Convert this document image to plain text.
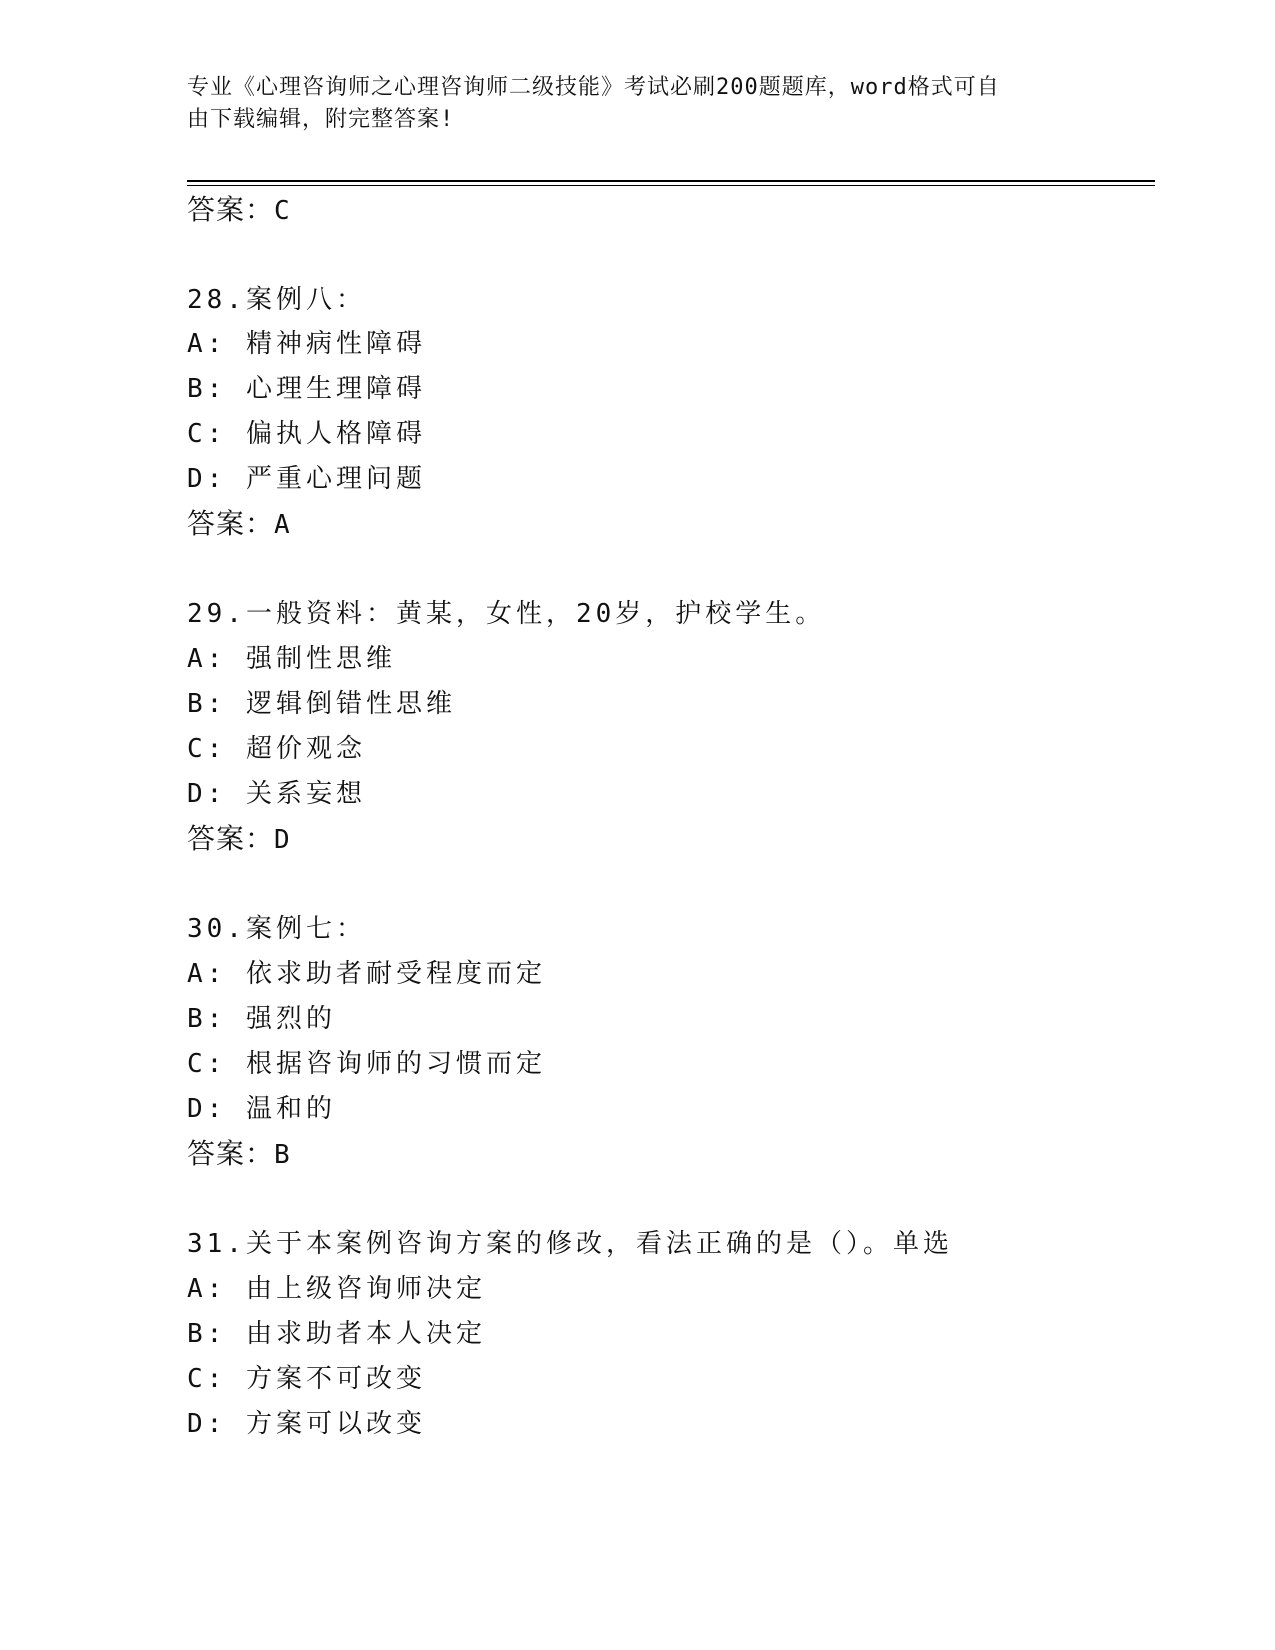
专业《心理咨询师之心理咨询师二级技能》考试必刷200题题库，word格式可自
由下载编辑，附完整答案!
答案：C
28.案例八：
A: 精神病性障碍
B: 心理生理障碍
C: 偏执人格障碍
D: 严重心理问题
答案：A
29.一般资料：黄某，女性，20岁，护校学生。
A: 强制性思维
B: 逻辑倒错性思维
C: 超价观念
D: 关系妄想
答案：D
30.案例七：
A: 依求助者耐受程度而定
B: 强烈的
C: 根据咨询师的习惯而定
D: 温和的
答案：B
31.关于本案例咨询方案的修改，看法正确的是（）。单选
A: 由上级咨询师决定
B: 由求助者本人决定
C: 方案不可改变
D: 方案可以改变
